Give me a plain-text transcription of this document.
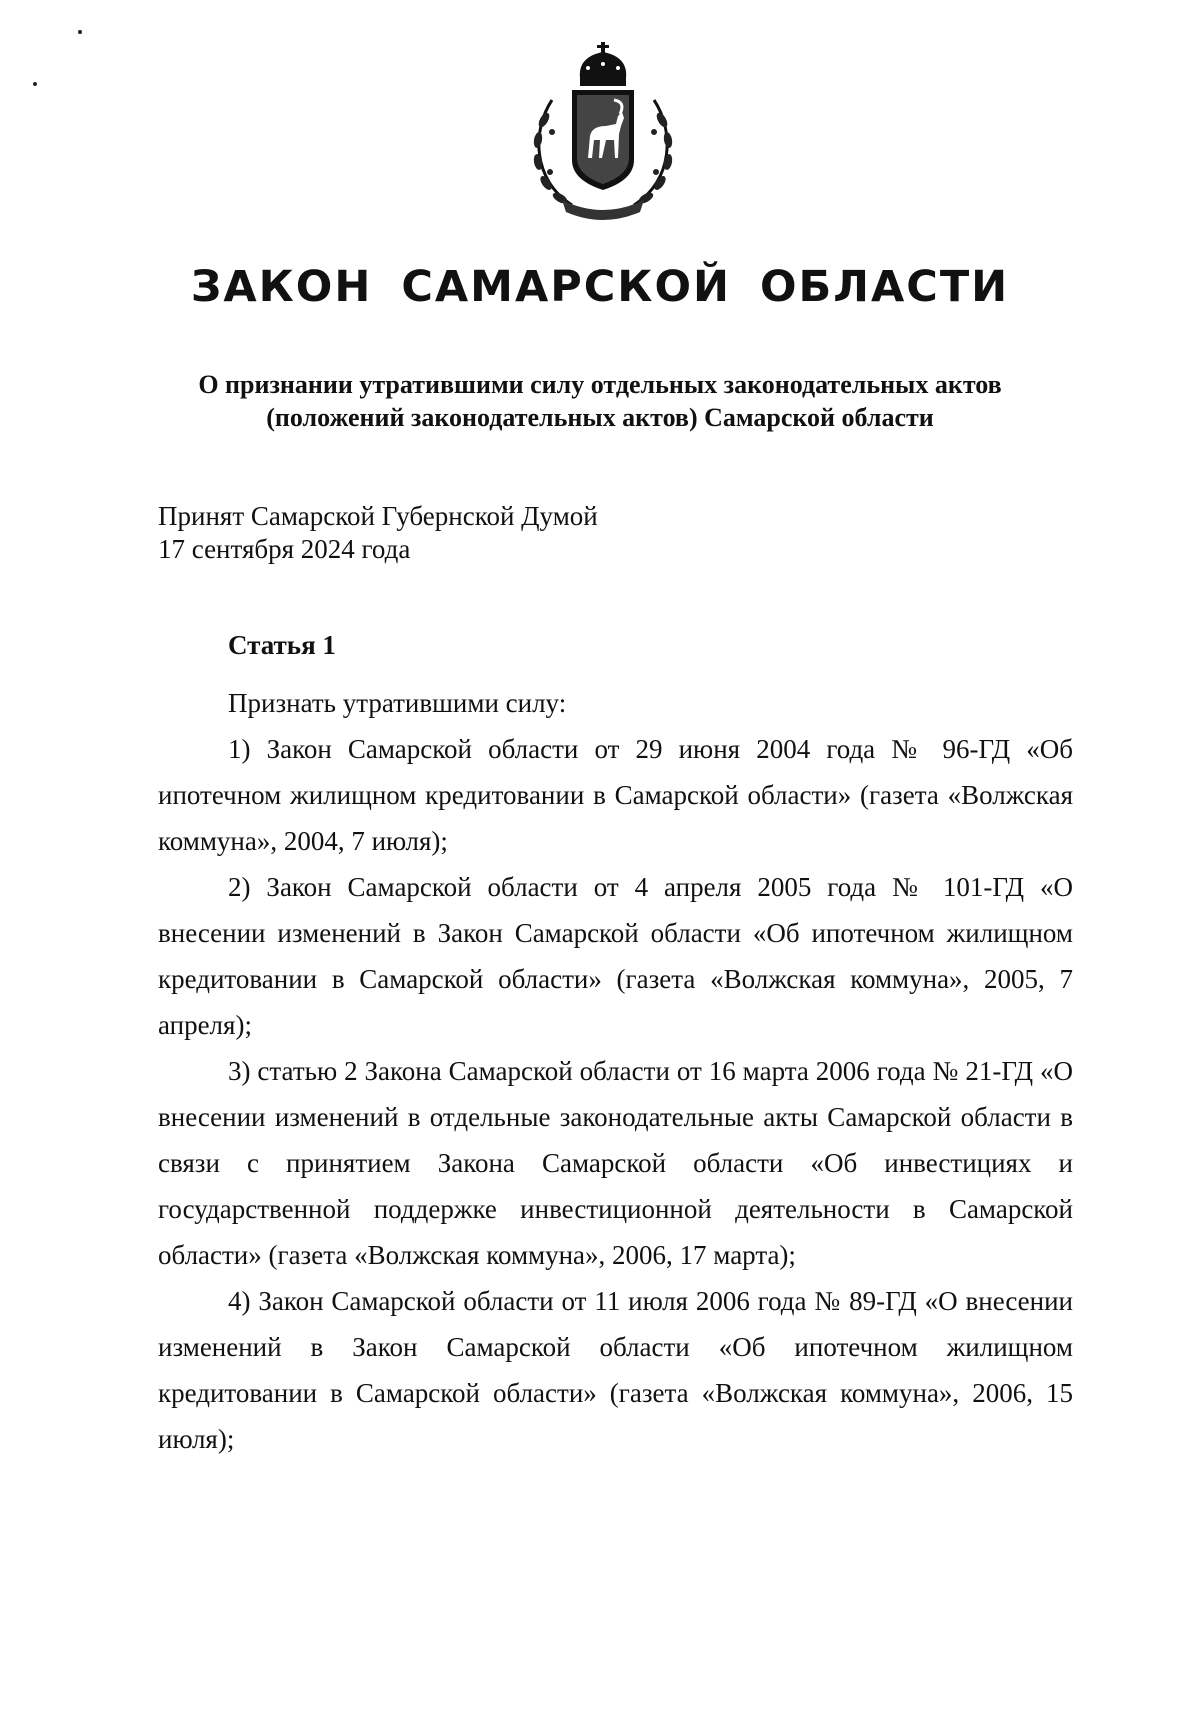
ЗАКОН САМАРСКОЙ ОБЛАСТИ
О признании утратившими силу отдельных законодательных актов
(положений законодательных актов) Самарской области
Принят Самарской Губернской Думой
17 сентября 2024 года
Статья 1

Признать утратившими силу:

1) Закон Самарской области от 29 июня 2004 года № 96-ГД «Об ипотечном жилищном кредитовании в Самарской области» (газета «Волжская коммуна», 2004, 7 июля);

2) Закон Самарской области от 4 апреля 2005 года № 101-ГД «О внесении изменений в Закон Самарской области «Об ипотечном жилищном кредитовании в Самарской области» (газета «Волжская коммуна», 2005, 7 апреля);

3) статью 2 Закона Самарской области от 16 марта 2006 года № 21-ГД «О внесении изменений в отдельные законодательные акты Самарской области в связи с принятием Закона Самарской области «Об инвестициях и государственной поддержке инвестиционной деятельности в Самарской области» (газета «Волжская коммуна», 2006, 17 марта);

4) Закон Самарской области от 11 июля 2006 года № 89-ГД «О внесении изменений в Закон Самарской области «Об ипотечном жилищном кредитовании в Самарской области» (газета «Волжская коммуна», 2006, 15 июля);
